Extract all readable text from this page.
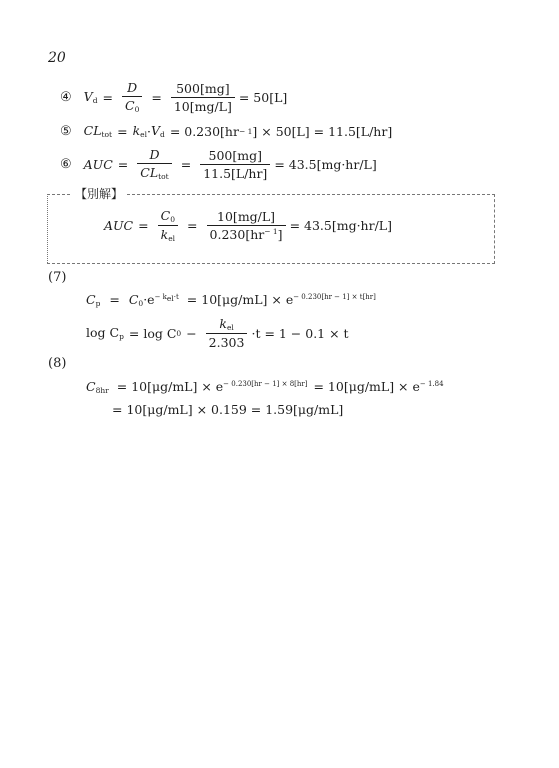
20
④ $V_d = \frac{D}{C_0} = \frac{500[mg]}{10[mg/L]} = 50[L]$
⑤ $CL_{tot} = k_{el} \cdot V_d = 0.230[hr - 1$ ] × 50[L] = 11.5[L/hr]
⑥ AUC = $\frac{D}{CL_{tot}} = \frac{500[mg]}{11.5[L/hr]} = 43.5[mg\cdot hr/L]$
【別解】
AUC = $\frac{C_0}{k_{el}} = \frac{10[mg/L]}{0.230[hr^{- 1}]} = 43.5[mg\cdot hr/L]$
(7)
$C_p = C_0\cdot e^{- k_{el}\cdot t} = 10[\mu g/mL] \times e^{- 0.230[hr - 1] \times t[hr]}$
$\log C_p = \log C$ $0 - \frac{k_{el}}{2.303} \cdot t = 1 - 0.1 \times t$
(8)
$C_{8hr} = 10[\mu g/mL] \times e^{- 0.230[hr - 1] \times 8[hr]} = 10[\mu g/mL] \times e^{- 1.84}$
= 10[μg/mL] × 0.159 = 1.59[μg/mL]
